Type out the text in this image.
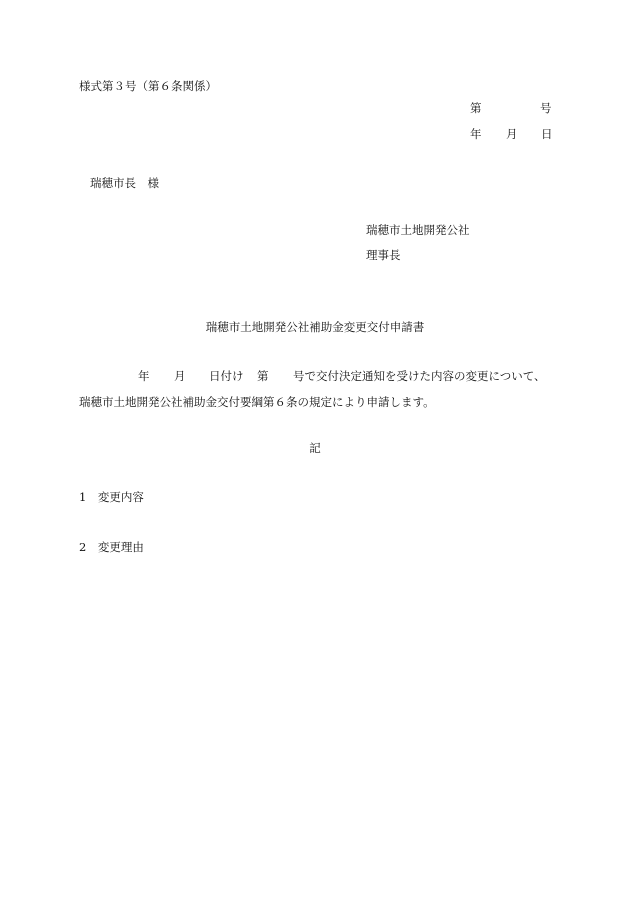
様式第３号（第６条関係）
第	号
年 月 日
瑞穂市長　様
瑞穂市土地開発公社
理事長
瑞穂市土地開発公社補助金変更交付申請書
年 月 日付け 第 号で交付決定通知を受けた内容の変更について、
瑞穂市土地開発公社補助金交付要綱第６条の規定により申請します。
記
1　変更内容
2　変更理由
